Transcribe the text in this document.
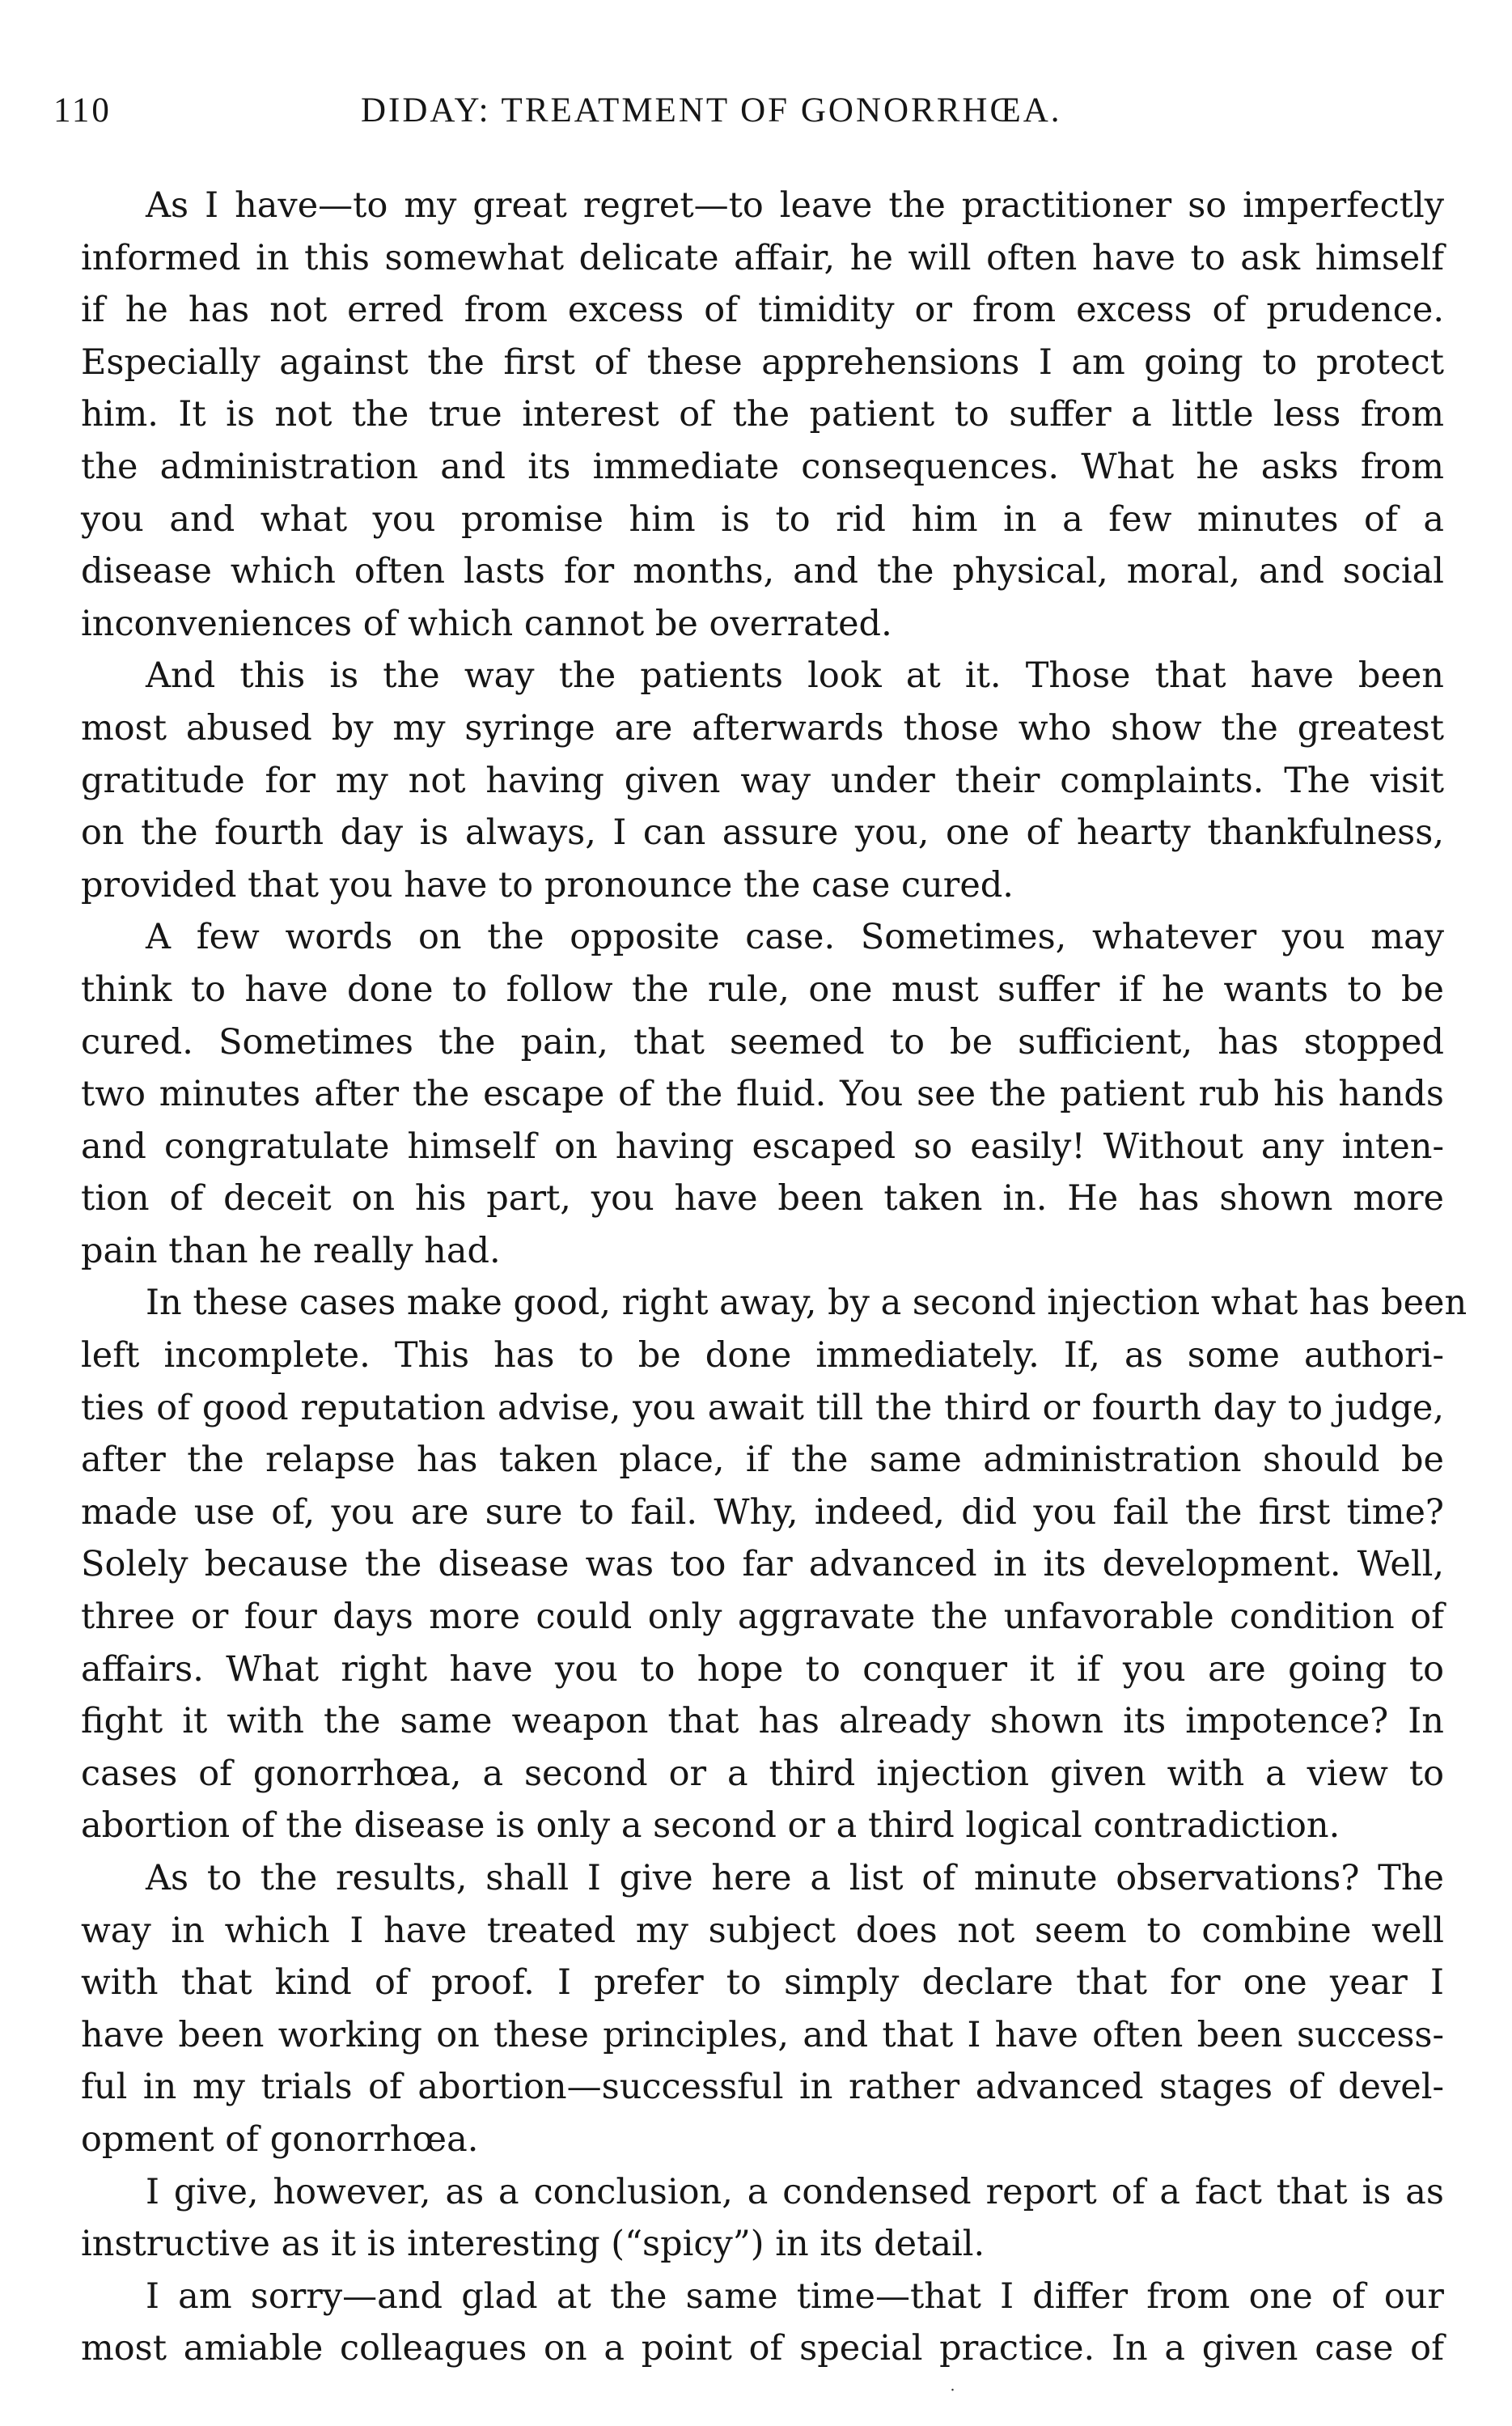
110	DIDAY: TREATMENT OF GONORRHŒA.

As I have—to my great regret—to leave the practitioner so imperfectly
informed in this somewhat delicate affair, he will often have to ask himself
if he has not erred from excess of timidity or from excess of prudence.
Especially against the first of these apprehensions I am going to protect
him. It is not the true interest of the patient to suffer a little less from
the administration and its immediate consequences. What he asks from
you and what you promise him is to rid him in a few minutes of a
disease which often lasts for months, and the physical, moral, and social
inconveniences of which cannot be overrated.

And this is the way the patients look at it. Those that have been
most abused by my syringe are afterwards those who show the greatest
gratitude for my not having given way under their complaints. The visit
on the fourth day is always, I can assure you, one of hearty thankfulness,
provided that you have to pronounce the case cured.

A few words on the opposite case. Sometimes, whatever you may
think to have done to follow the rule, one must suffer if he wants to be
cured. Sometimes the pain, that seemed to be sufficient, has stopped
two minutes after the escape of the fluid. You see the patient rub his hands
and congratulate himself on having escaped so easily! Without any inten-
tion of deceit on his part, you have been taken in. He has shown more
pain than he really had.

In these cases make good, right away, by a second injection what has been
left incomplete. This has to be done immediately. If, as some authori-
ties of good reputation advise, you await till the third or fourth day to judge,
after the relapse has taken place, if the same administration should be
made use of, you are sure to fail. Why, indeed, did you fail the first time?
Solely because the disease was too far advanced in its development. Well,
three or four days more could only aggravate the unfavorable condition of
affairs. What right have you to hope to conquer it if you are going to
fight it with the same weapon that has already shown its impotence? In
cases of gonorrhœa, a second or a third injection given with a view to
abortion of the disease is only a second or a third logical contradiction.

As to the results, shall I give here a list of minute observations? The
way in which I have treated my subject does not seem to combine well
with that kind of proof. I prefer to simply declare that for one year I
have been working on these principles, and that I have often been success-
ful in my trials of abortion—successful in rather advanced stages of devel-
opment of gonorrhœa.

I give, however, as a conclusion, a condensed report of a fact that is as
instructive as it is interesting (“spicy”) in its detail.

I am sorry—and glad at the same time—that I differ from one of our
most amiable colleagues on a point of special practice. In a given case of

˙
